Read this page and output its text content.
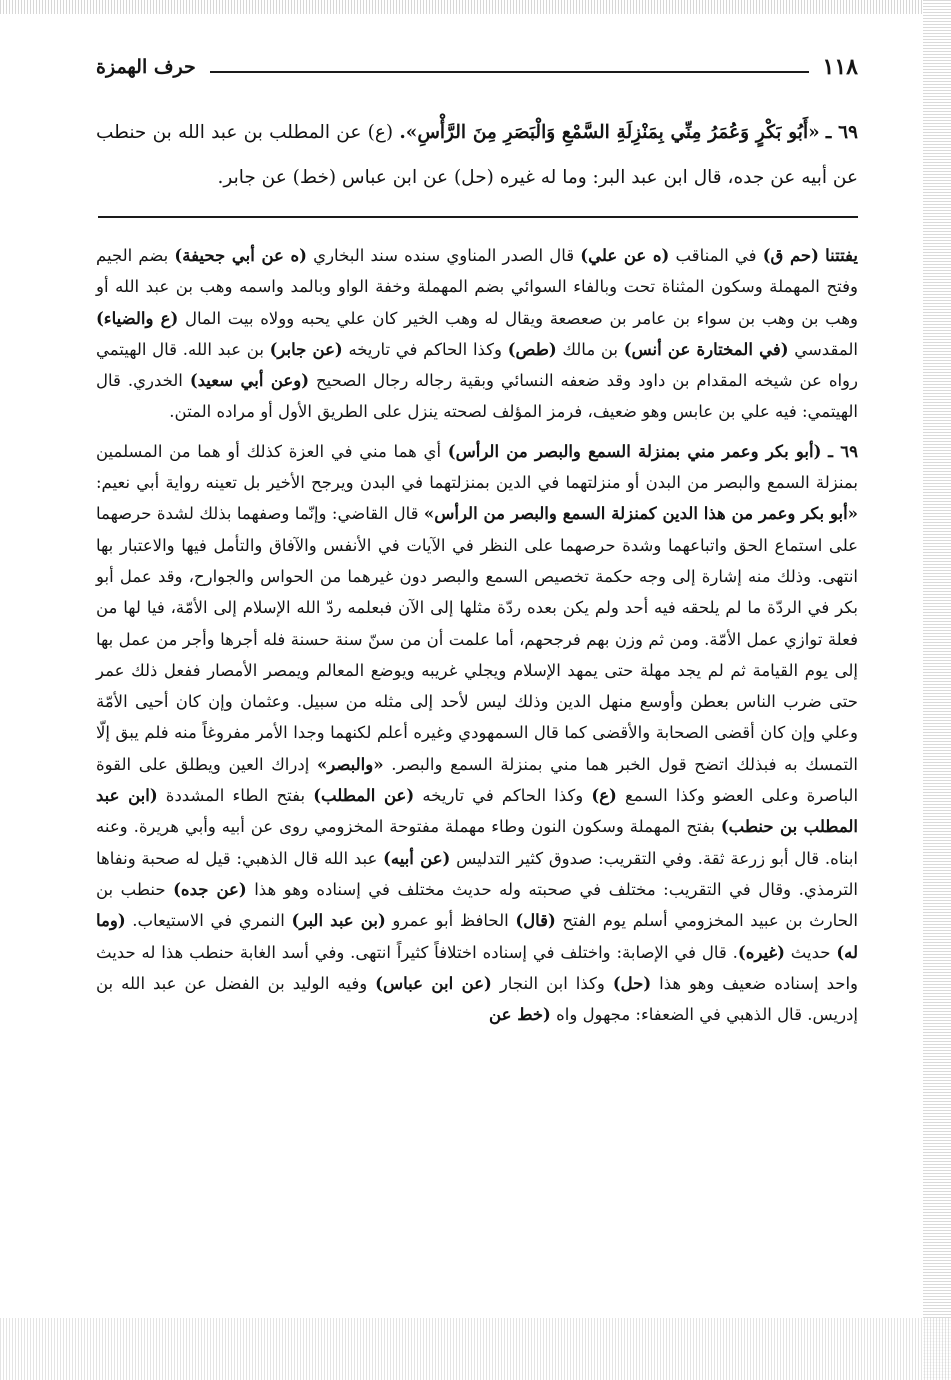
١١٨
حرف الهمزة
٦٩ ـ «أَبُو بَكْرٍ وَعُمَرُ مِنِّي بِمَنْزِلَةِ السَّمْعِ وَالْبَصَرِ مِنَ الرَّأْسِ». (ع) عن المطلب بن عبد الله بن حنطب عن أبيه عن جده، قال ابن عبد البر: وما له غيره (حل) عن ابن عباس (خط) عن جابر.

يفتتنا (حم ق) في المناقب (ه عن علي) قال الصدر المناوي سنده سند البخاري (ه عن أبي جحيفة) بضم الجيم وفتح المهملة وسكون المثناة تحت وبالفاء السوائي بضم المهملة وخفة الواو وبالمد واسمه وهب بن عبد الله أو وهب بن وهب بن سواء بن عامر بن صعصعة ويقال له وهب الخير كان علي يحبه وولاه بيت المال (ع والضياء) المقدسي (في المختارة عن أنس) بن مالك (طص) وكذا الحاكم في تاريخه (عن جابر) بن عبد الله. قال الهيتمي رواه عن شيخه المقدام بن داود وقد ضعفه النسائي وبقية رجاله رجال الصحيح (وعن أبي سعيد) الخدري. قال الهيتمي: فيه علي بن عابس وهو ضعيف، فرمز المؤلف لصحته ينزل على الطريق الأول أو مراده المتن.

٦٩ ـ (أبو بكر وعمر مني بمنزلة السمع والبصر من الرأس) أي هما مني في العزة كذلك أو هما من المسلمين بمنزلة السمع والبصر من البدن أو منزلتهما في الدين بمنزلتهما في البدن ويرجح الأخير بل تعينه رواية أبي نعيم: «أبو بكر وعمر من هذا الدين كمنزلة السمع والبصر من الرأس» قال القاضي: وإنّما وصفهما بذلك لشدة حرصهما على استماع الحق واتباعهما وشدة حرصهما على النظر في الآيات في الأنفس والآفاق والتأمل فيها والاعتبار بها انتهى. وذلك منه إشارة إلى وجه حكمة تخصيص السمع والبصر دون غيرهما من الحواس والجوارح، وقد عمل أبو بكر في الردّة ما لم يلحقه فيه أحد ولم يكن بعده ردّة مثلها إلى الآن فبعلمه ردّ الله الإسلام إلى الأمّة، فيا لها من فعلة توازي عمل الأمّة. ومن ثم وزن بهم فرجحهم، أما علمت أن من سنّ سنة حسنة فله أجرها وأجر من عمل بها إلى يوم القيامة ثم لم يجد مهلة حتى يمهد الإسلام ويجلي غريبه ويوضع المعالم ويمصر الأمصار ففعل ذلك عمر حتى ضرب الناس بعطن وأوسع منهل الدين وذلك ليس لأحد إلى مثله من سبيل. وعثمان وإن كان أحيى الأمّة وعلي وإن كان أقضى الصحابة والأقضى كما قال السمهودي وغيره أعلم لكنهما وجدا الأمر مفروغاً منه فلم يبق إلّا التمسك به فبذلك اتضح قول الخبر هما مني بمنزلة السمع والبصر. «والبصر» إدراك العين ويطلق على القوة الباصرة وعلى العضو وكذا السمع (ع) وكذا الحاكم في تاريخه (عن المطلب) بفتح الطاء المشددة (ابن عبد المطلب بن حنطب) بفتح المهملة وسكون النون وطاء مهملة مفتوحة المخزومي روى عن أبيه وأبي هريرة. وعنه ابناه. قال أبو زرعة ثقة. وفي التقريب: صدوق كثير التدليس (عن أبيه) عبد الله قال الذهبي: قيل له صحبة ونفاها الترمذي. وقال في التقريب: مختلف في صحبته وله حديث مختلف في إسناده وهو هذا (عن جده) حنطب بن الحارث بن عبيد المخزومي أسلم يوم الفتح (قال) الحافظ أبو عمرو (بن عبد البر) النمري في الاستيعاب. (وما له) حديث (غيره). قال في الإصابة: واختلف في إسناده اختلافاً كثيراً انتهى. وفي أسد الغابة حنطب هذا له حديث واحد إسناده ضعيف وهو هذا (حل) وكذا ابن النجار (عن ابن عباس) وفيه الوليد بن الفضل عن عبد الله بن إدريس. قال الذهبي في الضعفاء: مجهول واه (خط عن
